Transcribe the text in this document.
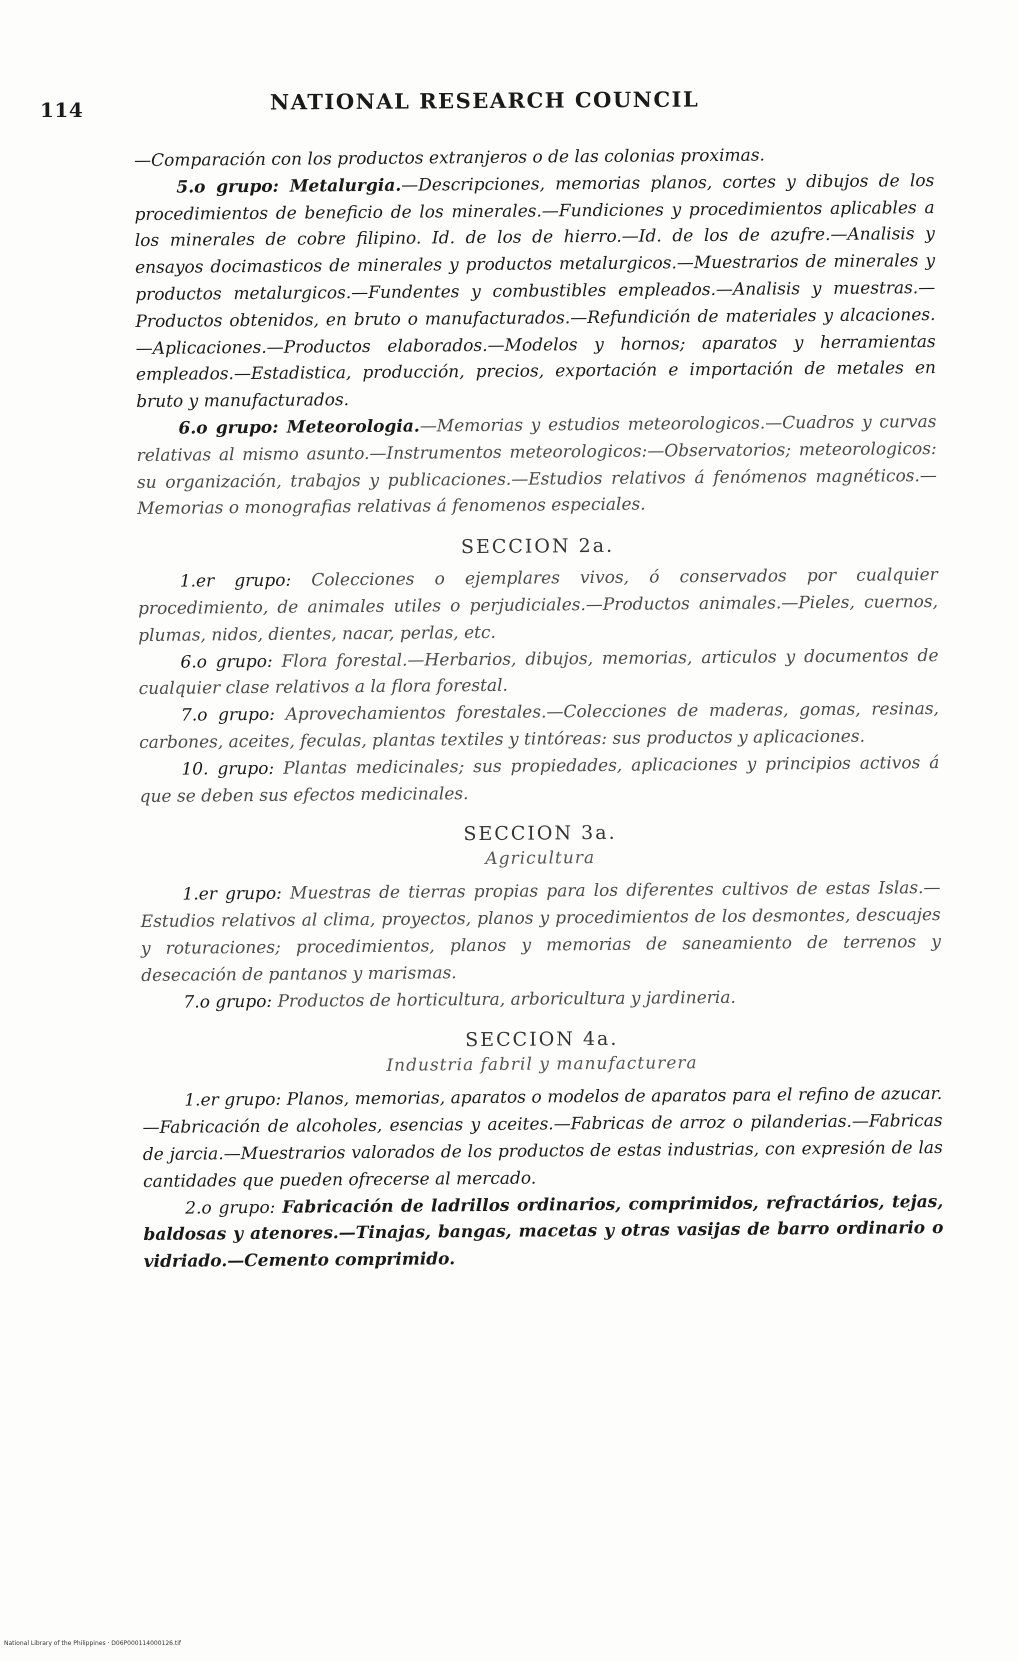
114	NATIONAL RESEARCH COUNCIL

—Comparación con los productos extranjeros o de las colonias proximas.

5.o grupo: Metalurgia.—Descripciones, memorias planos, cortes y dibujos de los procedimientos de beneficio de los minerales.—Fundiciones y procedimientos aplicables a los minerales de cobre filipino. Id. de los de hierro.—Id. de los de azufre.—Analisis y ensayos docimasticos de minerales y productos metalurgicos.—Muestrarios de minerales y productos metalurgicos.—Fundentes y combustibles empleados.—Analisis y muestras.—Productos obtenidos, en bruto o manufacturados.—Refundición de materiales y alcaciones.—Aplicaciones.—Productos elaborados.—Modelos y hornos; aparatos y herramientas empleados.—Estadistica, producción, precios, exportación e importación de metales en bruto y manufacturados.

6.o grupo: Meteorologia.—Memorias y estudios meteorologicos.—Cuadros y curvas relativas al mismo asunto.—Instrumentos meteorologicos:—Observatorios; meteorologicos: su organización, trabajos y publicaciones.—Estudios relativos á fenómenos magnéticos.—Memorias o monografias relativas á fenomenos especiales.

SECCION 2a.

1.er grupo: Colecciones o ejemplares vivos, ó conservados por cualquier procedimiento, de animales utiles o perjudiciales.—Productos animales.—Pieles, cuernos, plumas, nidos, dientes, nacar, perlas, etc.

6.o grupo: Flora forestal.—Herbarios, dibujos, memorias, articulos y documentos de cualquier clase relativos a la flora forestal.

7.o grupo: Aprovechamientos forestales.—Colecciones de maderas, gomas, resinas, carbones, aceites, feculas, plantas textiles y tintóreas: sus productos y aplicaciones.

10. grupo: Plantas medicinales; sus propiedades, aplicaciones y principios activos á que se deben sus efectos medicinales.

SECCION 3a.
Agricultura

1.er grupo: Muestras de tierras propias para los diferentes cultivos de estas Islas.—Estudios relativos al clima, proyectos, planos y procedimientos de los desmontes, descuajes y roturaciones; procedimientos, planos y memorias de saneamiento de terrenos y desecación de pantanos y marismas.

7.o grupo: Productos de horticultura, arboricultura y jardineria.

SECCION 4a.
Industria fabril y manufacturera

1.er grupo: Planos, memorias, aparatos o modelos de aparatos para el refino de azucar.—Fabricación de alcoholes, esencias y aceites.—Fabricas de arroz o pilanderias.—Fabricas de jarcia.—Muestrarios valorados de los productos de estas industrias, con expresión de las cantidades que pueden ofrecerse al mercado.

2.o grupo: Fabricación de ladrillos ordinarios, comprimidos, refractários, tejas, baldosas y atenores.—Tinajas, bangas, macetas y otras vasijas de barro ordinario o vidriado.—Cemento comprimido.

National Library of the Philippines · D06P000114000126.tif
